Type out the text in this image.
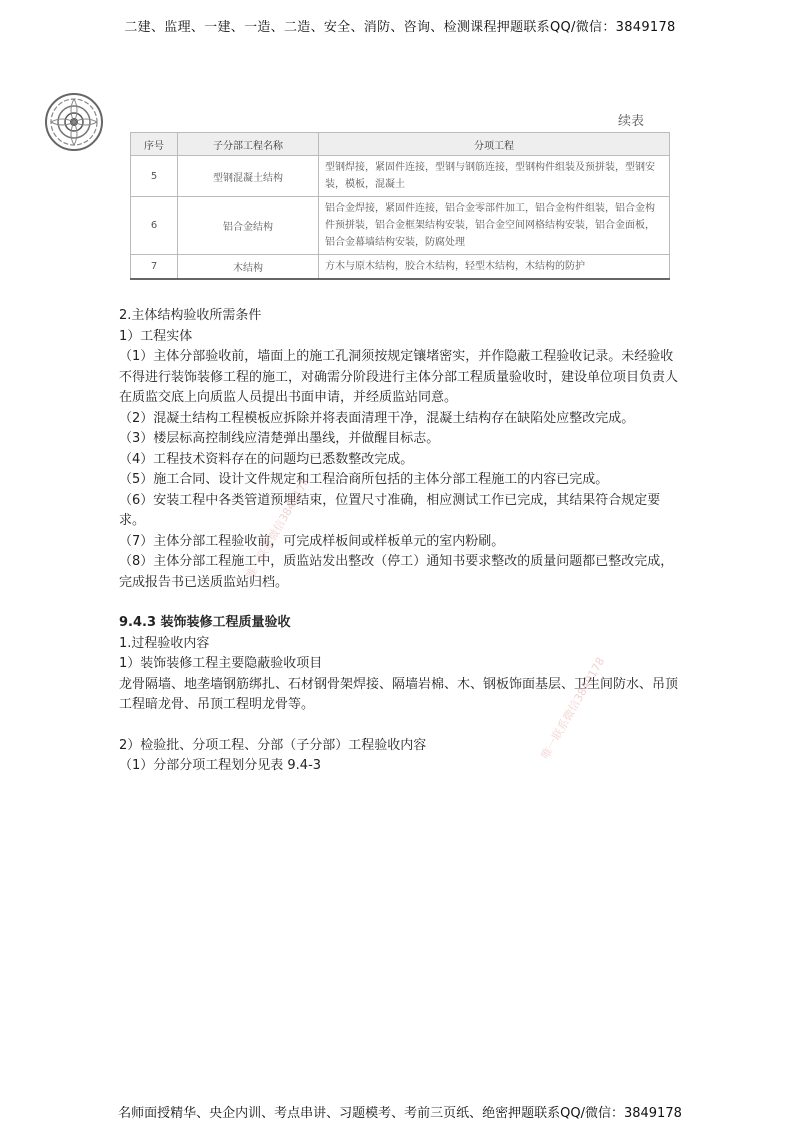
二建、监理、一建、一造、二造、安全、消防、咨询、检测课程押题联系QQ/微信：3849178
续表
序号	子分部工程名称	分项工程
5	型钢混凝土结构	型钢焊接，紧固件连接，型钢与钢筋连接，型钢构件组装及预拼装，型钢安装，模板，混凝土
6	铝合金结构	铝合金焊接，紧固件连接，铝合金零部件加工，铝合金构件组装，铝合金构件预拼装，铝合金框架结构安装，铝合金空间网格结构安装，铝合金面板，铝合金幕墙结构安装，防腐处理
7	木结构	方木与原木结构，胶合木结构，轻型木结构，木结构的防护

2.主体结构验收所需条件

1）工程实体

（1）主体分部验收前，墙面上的施工孔洞须按规定镶堵密实，并作隐蔽工程验收记录。未经验收不得进行装饰装修工程的施工，对确需分阶段进行主体分部工程质量验收时，建设单位项目负责人在质监交底上向质监人员提出书面申请，并经质监站同意。

（2）混凝土结构工程模板应拆除并将表面清理干净，混凝土结构存在缺陷处应整改完成。

（3）楼层标高控制线应清楚弹出墨线，并做醒目标志。

（4）工程技术资料存在的问题均已悉数整改完成。

（5）施工合同、设计文件规定和工程洽商所包括的主体分部工程施工的内容已完成。

（6）安装工程中各类管道预埋结束，位置尺寸准确，相应测试工作已完成，其结果符合规定要求。

（7）主体分部工程验收前，可完成样板间或样板单元的室内粉刷。

（8）主体分部工程施工中，质监站发出整改（停工）通知书要求整改的质量问题都已整改完成，完成报告书已送质监站归档。

9.4.3 装饰装修工程质量验收

1.过程验收内容

1）装饰装修工程主要隐蔽验收项目

龙骨隔墙、地垄墙钢筋绑扎、石材钢骨架焊接、隔墙岩棉、木、钢板饰面基层、卫生间防水、吊顶工程暗龙骨、吊顶工程明龙骨等。

2）检验批、分项工程、分部（子分部）工程验收内容

（1）分部分项工程划分见表 9.4-3

唯一联系微信3849178
唯一联系微信3849178
名师面授精华、央企内训、考点串讲、习题模考、考前三页纸、绝密押题联系QQ/微信：3849178
